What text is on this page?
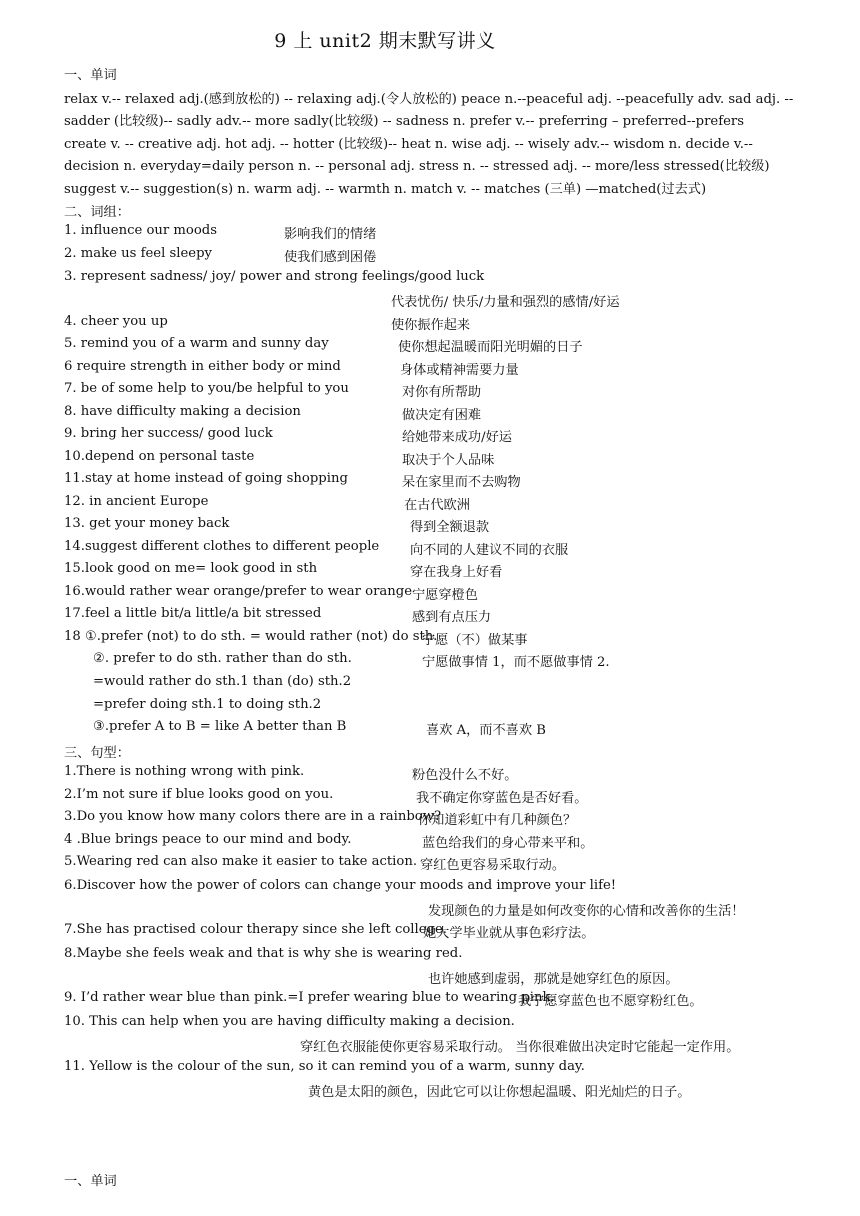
9 上 unit2 期末默写讲义
一、单词
relax v.-- relaxed adj.(感到放松的) -- relaxing adj.(令人放松的) peace n.--peaceful adj. --peacefully adv. sad adj. --
sadder (比较级)-- sadly adv.-- more sadly(比较级) -- sadness n. prefer v.-- preferring – preferred--prefers
create v. -- creative adj. hot adj. -- hotter (比较级)-- heat n. wise adj. -- wisely adv.-- wisdom n. decide v.--
decision n. everyday=daily person n. -- personal adj. stress n. -- stressed adj. -- more/less stressed(比较级)
suggest v.-- suggestion(s) n. warm adj. -- warmth n. match v. -- matches (三单) —matched(过去式)
二、词组：
1. influence our moods	影响我们的情绪
2. make us feel sleepy	使我们感到困倦
3. represent sadness/ joy/ power and strong feelings/good luck
代表忧伤/ 快乐/力量和强烈的感情/好运
4. cheer you up	使你振作起来
5. remind you of a warm and sunny day	使你想起温暖而阳光明媚的日子
6 require strength in either body or mind	身体或精神需要力量
7. be of some help to you/be helpful to you	对你有所帮助
8. have difficulty making a decision	做决定有困难
9. bring her success/ good luck	给她带来成功/好运
10.depend on personal taste	取决于个人品味
11.stay at home instead of going shopping	呆在家里而不去购物
12. in ancient Europe	在古代欧洲
13. get your money back	得到全额退款
14.suggest different clothes to different people 向不同的人建议不同的衣服
15.look good on me= look good in sth	穿在我身上好看
16.would rather wear orange/prefer to wear orange 宁愿穿橙色
17.feel a little bit/a little/a bit stressed	感到有点压力
18 ①.prefer (not) to do sth. = would rather (not) do sth.
宁愿（不）做某事
②. prefer to do sth. rather than do sth.	宁愿做事情 1，而不愿做事情 2.
=would rather do sth.1 than (do) sth.2
=prefer doing sth.1 to doing sth.2
③.prefer A to B = like A better than B	喜欢 A，而不喜欢 B
三、句型：
1.There is nothing wrong with pink.	粉色没什么不好。
2.I’m not sure if blue looks good on you.	我不确定你穿蓝色是否好看。
3.Do you know how many colors there are in a rainbow?
你知道彩虹中有几种颜色？
4 .Blue brings peace to our mind and body.	蓝色给我们的身心带来平和。
5.Wearing red can also make it easier to take action. 穿红色更容易采取行动。
6.Discover how the power of colors can change your moods and improve your life!
发现颜色的力量是如何改变你的心情和改善你的生活！
7.She has practised colour therapy since she left college.
她大学毕业就从事色彩疗法。
8.Maybe she feels weak and that is why she is wearing red.
也许她感到虚弱，那就是她穿红色的原因。
9. I’d rather wear blue than pink.=I prefer wearing blue to wearing pink.
我宁愿穿蓝色也不愿穿粉红色。
10. This can help when you are having difficulty making a decision.
穿红色衣服能使你更容易采取行动。 当你很难做出决定时它能起一定作用。
11. Yellow is the colour of the sun, so it can remind you of a warm, sunny day.
黄色是太阳的颜色，因此它可以让你想起温暖、阳光灿烂的日子。
一、单词
